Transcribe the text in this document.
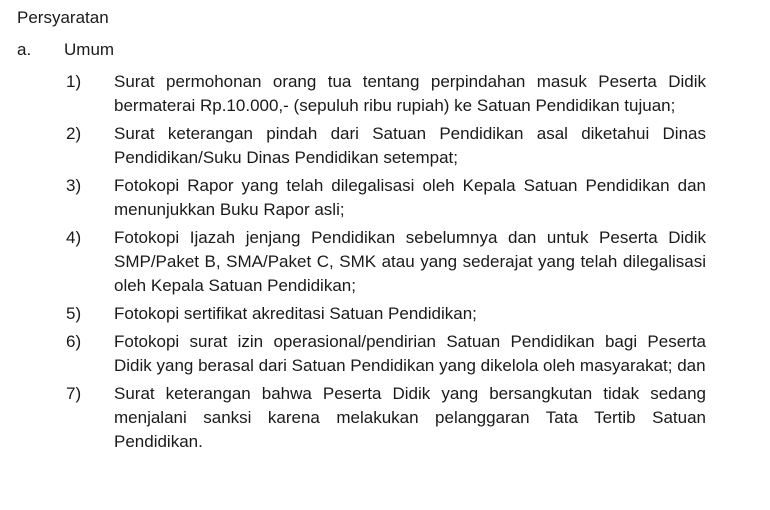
Persyaratan
a. Umum
1)	Surat permohonan orang tua tentang perpindahan masuk Peserta Didik bermaterai Rp.10.000,- (sepuluh ribu rupiah) ke Satuan Pendidikan tujuan;
2)	Surat keterangan pindah dari Satuan Pendidikan asal diketahui Dinas Pendidikan/Suku Dinas Pendidikan setempat;
3)	Fotokopi Rapor yang telah dilegalisasi oleh Kepala Satuan Pendidikan dan menunjukkan Buku Rapor asli;
4)	Fotokopi Ijazah jenjang Pendidikan sebelumnya dan untuk Peserta Didik SMP/Paket B, SMA/Paket C, SMK atau yang sederajat yang telah dilegalisasi oleh Kepala Satuan Pendidikan;
5)	Fotokopi sertifikat akreditasi Satuan Pendidikan;
6)	Fotokopi surat izin operasional/pendirian Satuan Pendidikan bagi Peserta Didik yang berasal dari Satuan Pendidikan yang dikelola oleh masyarakat; dan
7)	Surat keterangan bahwa Peserta Didik yang bersangkutan tidak sedang menjalani sanksi karena melakukan pelanggaran Tata Tertib Satuan Pendidikan.
